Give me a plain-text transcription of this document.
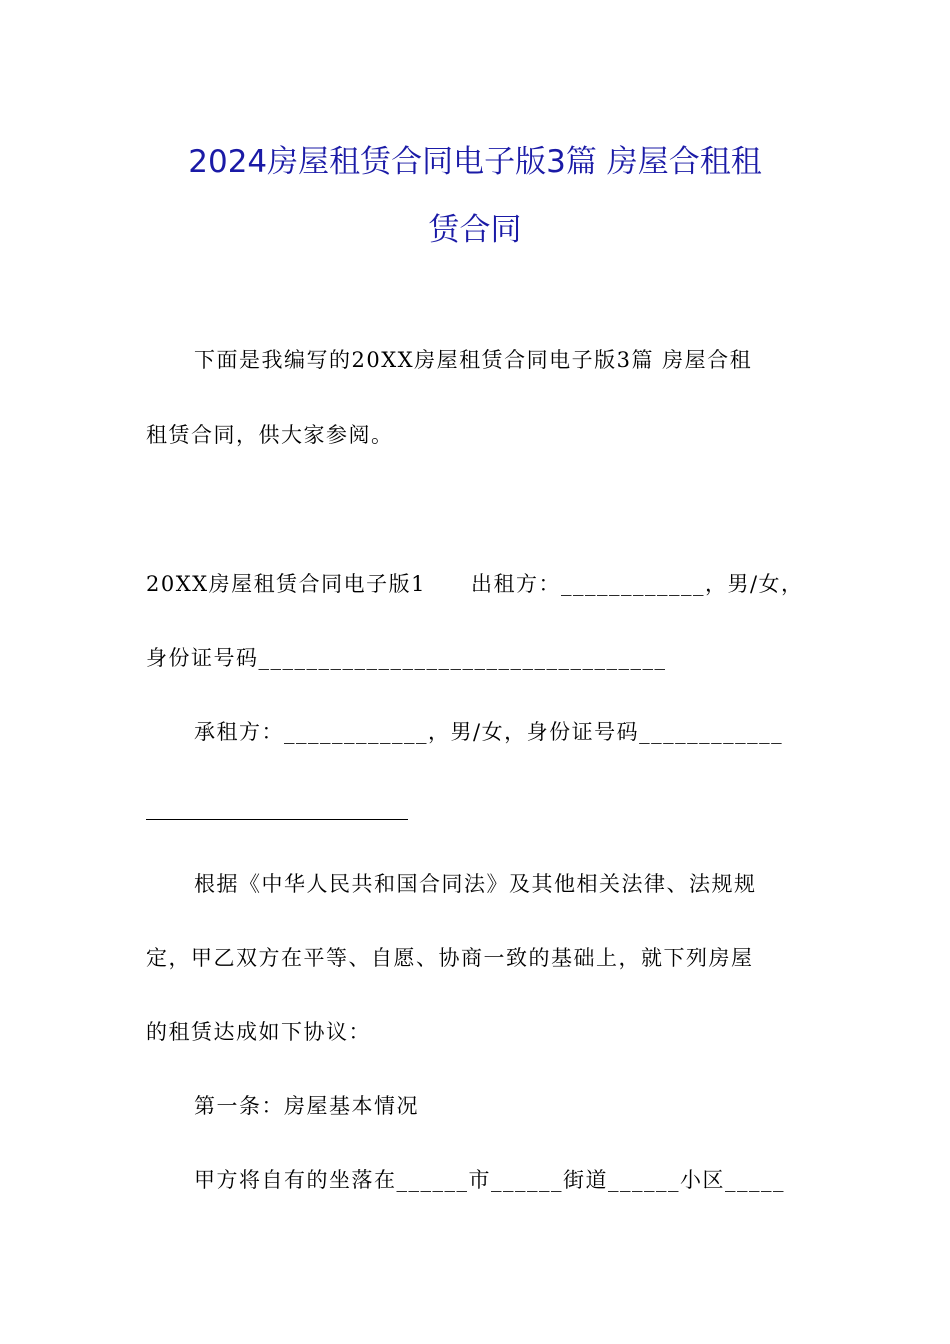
2024房屋租赁合同电子版3篇 房屋合租租
赁合同
下面是我编写的20XX房屋租赁合同电子版3篇 房屋合租
租赁合同，供大家参阅。
20XX房屋租赁合同电子版1　　出租方：____________，男/女，
身份证号码__________________________________
承租方：____________，男/女，身份证号码____________
根据《中华人民共和国合同法》及其他相关法律、法规规
定，甲乙双方在平等、自愿、协商一致的基础上，就下列房屋
的租赁达成如下协议：
第一条：房屋基本情况
甲方将自有的坐落在______市______街道______小区_____
